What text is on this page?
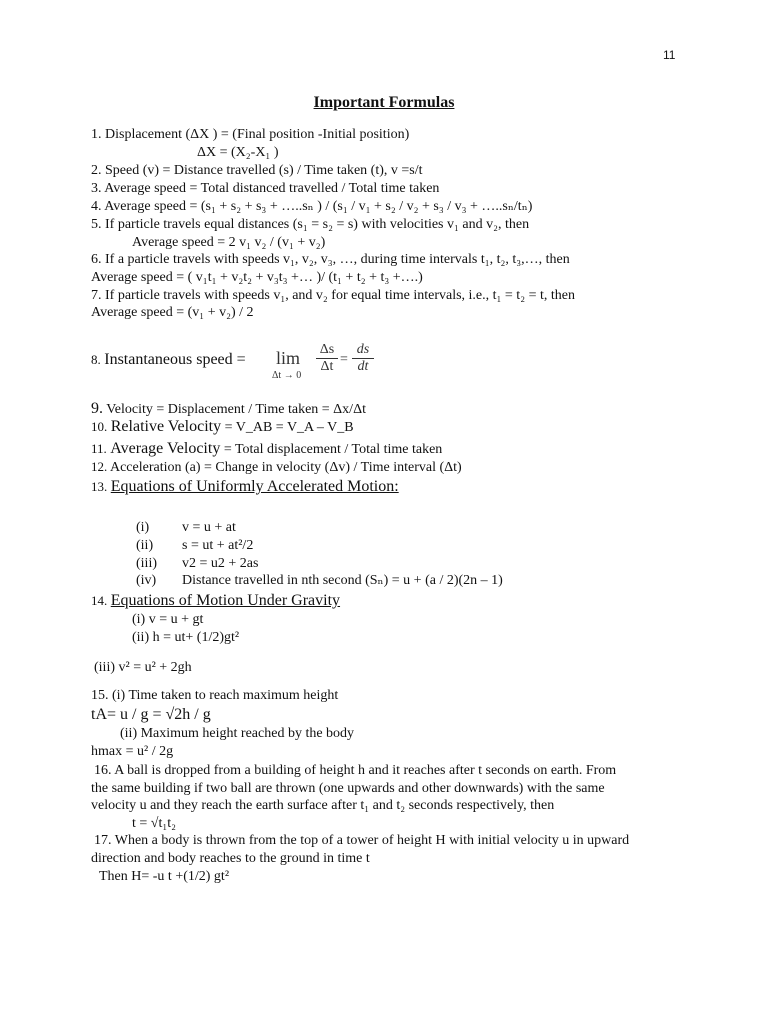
11
Important Formulas
1. Displacement (ΔX ) = (Final position -Initial position)
ΔX = (X₂-X₁ )
2. Speed (v) = Distance travelled (s) / Time taken (t), v =s/t
3. Average speed = Total distanced travelled / Total time taken
4. Average speed = (s₁ + s₂ + s₃ + …..sₙ ) / (s₁ / v₁ + s₂ / v₂ + s₃ / v₃ + …..sₙ/tₙ)
5. If particle travels equal distances (s₁ = s₂ = s) with velocities v₁ and v₂, then
Average speed = 2 v₁ v₂ / (v₁ + v₂)
6. If a particle travels with speeds v₁, v₂, v₃, …, during time intervals t₁, t₂, t₃,…, then
Average speed = ( v₁t₁ + v₂t₂ + v₃t₃ +… )/ (t₁ + t₂ + t₃ +….)
7. If particle travels with speeds v₁, and v₂ for equal time intervals, i.e., t₁ = t₂ = t, then
Average speed = (v₁ + v₂) / 2
8. Instantaneous speed = lim
Δt → 0
Δs
Δt =
ds
dt
9. Velocity = Displacement / Time taken = Δx/Δt
10. Relative Velocity = V_AB = V_A – V_B
11. Average Velocity = Total displacement / Total time taken
12. Acceleration (a) = Change in velocity (Δv) / Time interval (Δt)
13. Equations of Uniformly Accelerated Motion:
(i) v = u + at
(ii) s = ut + at²/2
(iii) v2 = u2 + 2as
(iv) Distance travelled in nth second (Sₙ) = u + (a / 2)(2n – 1)
14. Equations of Motion Under Gravity
(i) v = u + gt
(ii) h = ut+ (1/2)gt²
(iii) v² = u² + 2gh
15. (i) Time taken to reach maximum height
tA= u / g = √2h / g
(ii) Maximum height reached by the body
hmax = u² / 2g
16. A ball is dropped from a building of height h and it reaches after t seconds on earth. From
the same building if two ball are thrown (one upwards and other downwards) with the same
velocity u and they reach the earth surface after t₁ and t₂ seconds respectively, then
t = √t₁t₂
17. When a body is thrown from the top of a tower of height H with initial velocity u in upward
direction and body reaches to the ground in time t
Then H= -u t +(1/2) gt²
